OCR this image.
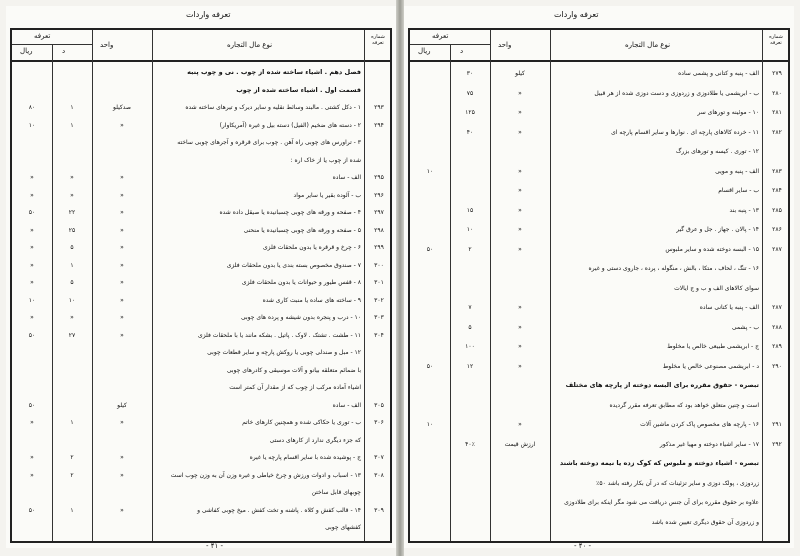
تعرفه واردات
تعرفه
ریال	د
واحد	نوع مال التجاره
شماره تعرفه
فصل دهم . اشیاء ساخته شده از چوب . نی و چوب پنبه
قسمت اول . اشیاء ساخته شده از چوب
۸۰	۱	صدکیلو	۱ - دکل کشتی . مالبند وسائط نقلیه و سایر دیرک و تیرهای ساخته شده	۲۹۳
۱۰	۱	»	۲ - دسته های ضخیم (الفیل) دسته بیل و غیره (آمریکاوار)	۲۹۴
۳ - تراورس های چوبی راه آهن . چوب برای قرقره و آجرهای چوبی ساخته
شده از چوب یا از خاک اره :
»	»	»	الف - ساده	۲۹۵
»	»	»	ب - آلوده بقیر یا سایر مواد	۲۹۶
۵۰	۲۲	»	۴ - صفحه و ورقه های چوبی چسبانیده یا صیقل داده شده	۲۹۷
»	۲۵	»	۵ - صفحه و ورقه های چوبی چسبانیده یا منحنی	۲۹۸
»	۵	»	۶ - چرخ و قرقره یا بدون ملحقات فلزی	۲۹۹
»	۱	»	۷ - صندوق مخصوص بسته بندی یا بدون ملحقات فلزی	۳۰۰
»	۵	»	۸ - قفس طیور و حیوانات یا بدون ملحقات فلزی	۳۰۱
۱۰	۱۰	»	۹ - ساخته های ساده یا منبت کاری شده	۳۰۲
»	»	»	۱۰ - درب و پنجره بدون شیشه و پرده های چوبی	۳۰۳
۵۰	۲۷	»	۱۱ - طشت . تشتک . لاوک . پاتیل . بشکه مانند یا با ملحقات فلزی	۳۰۴
۱۲ - مبل و صندلی چوبی یا روکش پارچه و سایر قطعات چوبی
با ضمائم متعلقه بیانو و آلات موسیقی و کادرهای چوبی
اشیاء آماده مرکب از چوب که از مقدار آن کمتر است
۵۰	کیلو	الف - ساده	۳۰۵
»	۱	»	ب - توری یا حکاکی شده و همچنین کارهای خاتم	۳۰۶
که جزء دیگری ندارد از کارهای دستی
»	۲	»	ج - پوشیده شده با سایر اقسام پارچه یا غیره	۳۰۷
»	۲	»	۱۳ - اسباب و ادوات ورزش و چرخ خیاطی و غیره وزن آن به وزن چوب است	۳۰۸
چوبهای قابل ساختن
۵۰	۱	»	۱۴ - قالب کفش و کلاه . پاشنه و تخت کفش . میخ چوبی کفاشی و	۳۰۹
کفشهای چوبی
- ۴۱ -
تعرفه واردات
تعرفه
ریال	د
واحد	نوع مال التجاره
شماره تعرفه
۳۰	کیلو	الف - پنبه و کتانی و پشمی ساده	۲۷۹
۷۵	»	ب - ابریشمی یا طلادوزی و زردوزی و دست دوزی شده از هر قبیل	۲۸۰
۱۲۵	»	۱۰ - موئینه و تورهای سر	۲۸۱
۴۰	»	۱۱ - خرده کالاهای پارچه ای . نوارها و سایر اقسام پارچه ای	۲۸۲
۱۲ - توری . کیسه و تورهای بزرگ
۱۰	»	الف - پنبه و مویی	۲۸۳
»	ب - سایر اقسام	۲۸۴
۱۵	»	۱۳ - پنبه بند	۲۸۵
۱۰	»	۱۴ - پالان . جهاز . جل و عرق گیر	۲۸۶
۵۰	۲	»	۱۵ - البسه دوخته شده و سایر ملبوس	۲۸۷
۱۶ - تنگ ، لحاف ، متکا ، بالش ، منگوله ، پرده ، جاروی دستی و غیره
سوای کالاهای الف و ب و ج ایالات
۷	»	الف - پنبه یا کتانی ساده	۲۸۷
۵	»	ب - پشمی	۲۸۸
۱۰۰	»	ج - ابریشمی طبیعی خالص یا مخلوط	۲۸۹
۵۰	۱۲	»	د - ابریشمی مصنوعی خالص یا مخلوط	۲۹۰
تبصره - حقوق مقرره برای البسه دوخته از پارچه های مختلف
است و چنین متعلق خواهد بود که مطابق تعرفه مقرر گردیده
۱۰	»	۱۶ - پارچه های مخصوص پاک کردن ماشین آلات	۲۹۱
۴۰٪	ارزش قیمت	۱۷ - سایر اشیاء دوخته و مهیا غیر مذکور	۲۹۲
تبصره - اشیاء دوخته و ملبوس که کوک زده یا نیمه دوخته باشند
زردوزی ، پولک دوزی و سایر تزئینات که در آن بکار رفته باشد ۵۰٪
علاوه بر حقوق مقرره برای آن جنس دریافت می شود مگر اینکه برای طلادوزی
و زردوزی آن حقوق دیگری تعیین شده باشد
- ۴۰ -
